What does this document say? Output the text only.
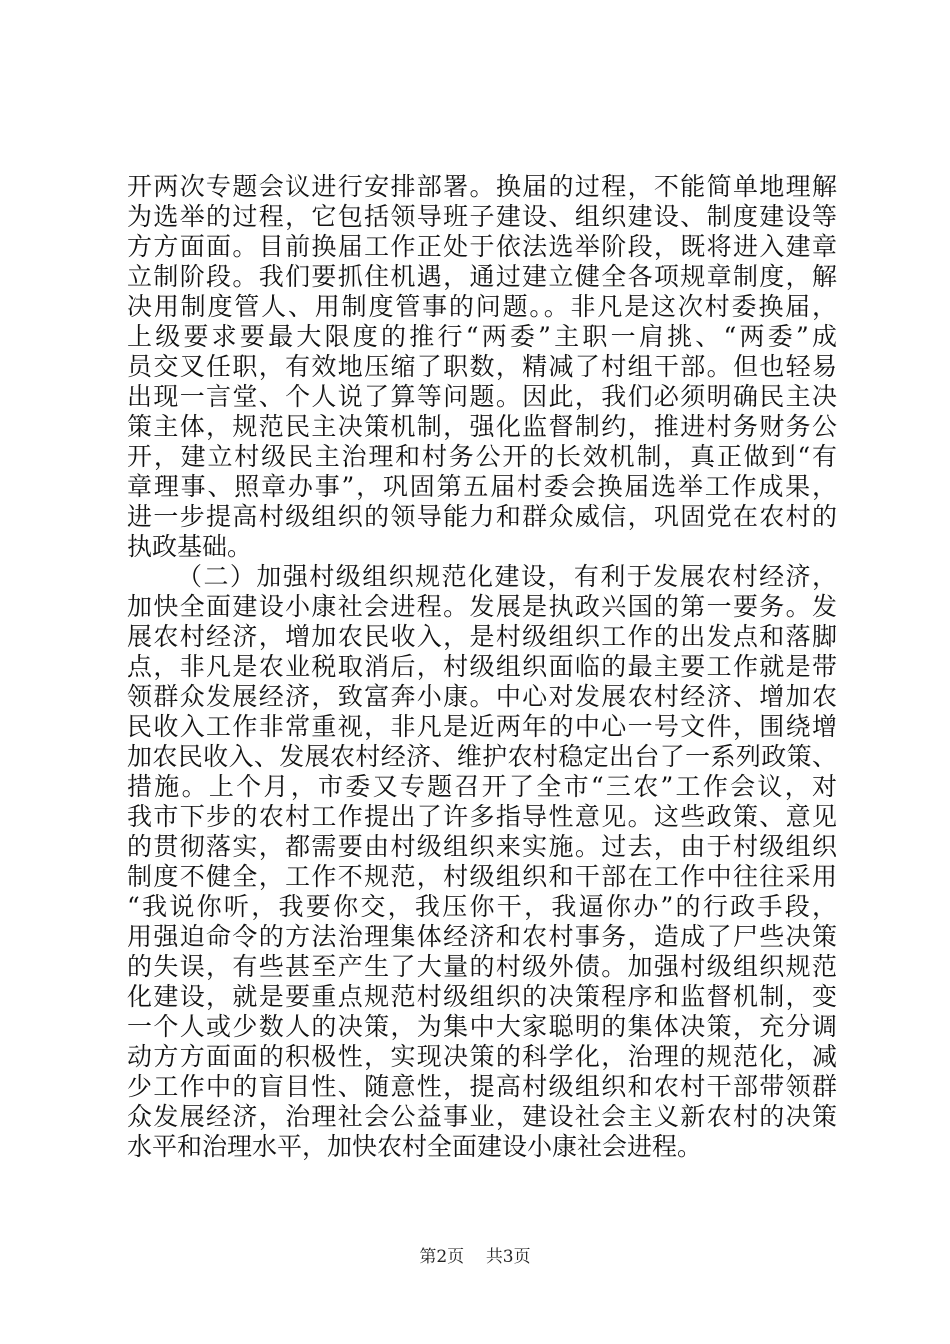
开两次专题会议进行安排部署。换届的过程，不能简单地理解
为选举的过程，它包括领导班子建设、组织建设、制度建设等
方方面面。目前换届工作正处于依法选举阶段，既将进入建章
立制阶段。我们要抓住机遇，通过建立健全各项规章制度，解
决用制度管人、用制度管事的问题。。非凡是这次村委换届，
上级要求要最大限度的推行“两委”主职一肩挑、“两委”成
员交叉任职，有效地压缩了职数，精减了村组干部。但也轻易
出现一言堂、个人说了算等问题。因此，我们必须明确民主决
策主体，规范民主决策机制，强化监督制约，推进村务财务公
开，建立村级民主治理和村务公开的长效机制，真正做到“有
章理事、照章办事”，巩固第五届村委会换届选举工作成果，
进一步提高村级组织的领导能力和群众威信，巩固党在农村的
执政基础。
（二）加强村级组织规范化建设，有利于发展农村经济，
加快全面建设小康社会进程。发展是执政兴国的第一要务。发
展农村经济，增加农民收入，是村级组织工作的出发点和落脚
点，非凡是农业税取消后，村级组织面临的最主要工作就是带
领群众发展经济，致富奔小康。中心对发展农村经济、增加农
民收入工作非常重视，非凡是近两年的中心一号文件，围绕增
加农民收入、发展农村经济、维护农村稳定出台了一系列政策、
措施。上个月，市委又专题召开了全市“三农”工作会议，对
我市下步的农村工作提出了许多指导性意见。这些政策、意见
的贯彻落实，都需要由村级组织来实施。过去，由于村级组织
制度不健全，工作不规范，村级组织和干部在工作中往往采用
“我说你听，我要你交，我压你干，我逼你办”的行政手段，
用强迫命令的方法治理集体经济和农村事务，造成了尸些决策
的失误，有些甚至产生了大量的村级外债。加强村级组织规范
化建设，就是要重点规范村级组织的决策程序和监督机制，变
一个人或少数人的决策，为集中大家聪明的集体决策，充分调
动方方面面的积极性，实现决策的科学化，治理的规范化，减
少工作中的盲目性、随意性，提高村级组织和农村干部带领群
众发展经济，治理社会公益事业，建设社会主义新农村的决策
水平和治理水平，加快农村全面建设小康社会进程。
第2页 共3页
